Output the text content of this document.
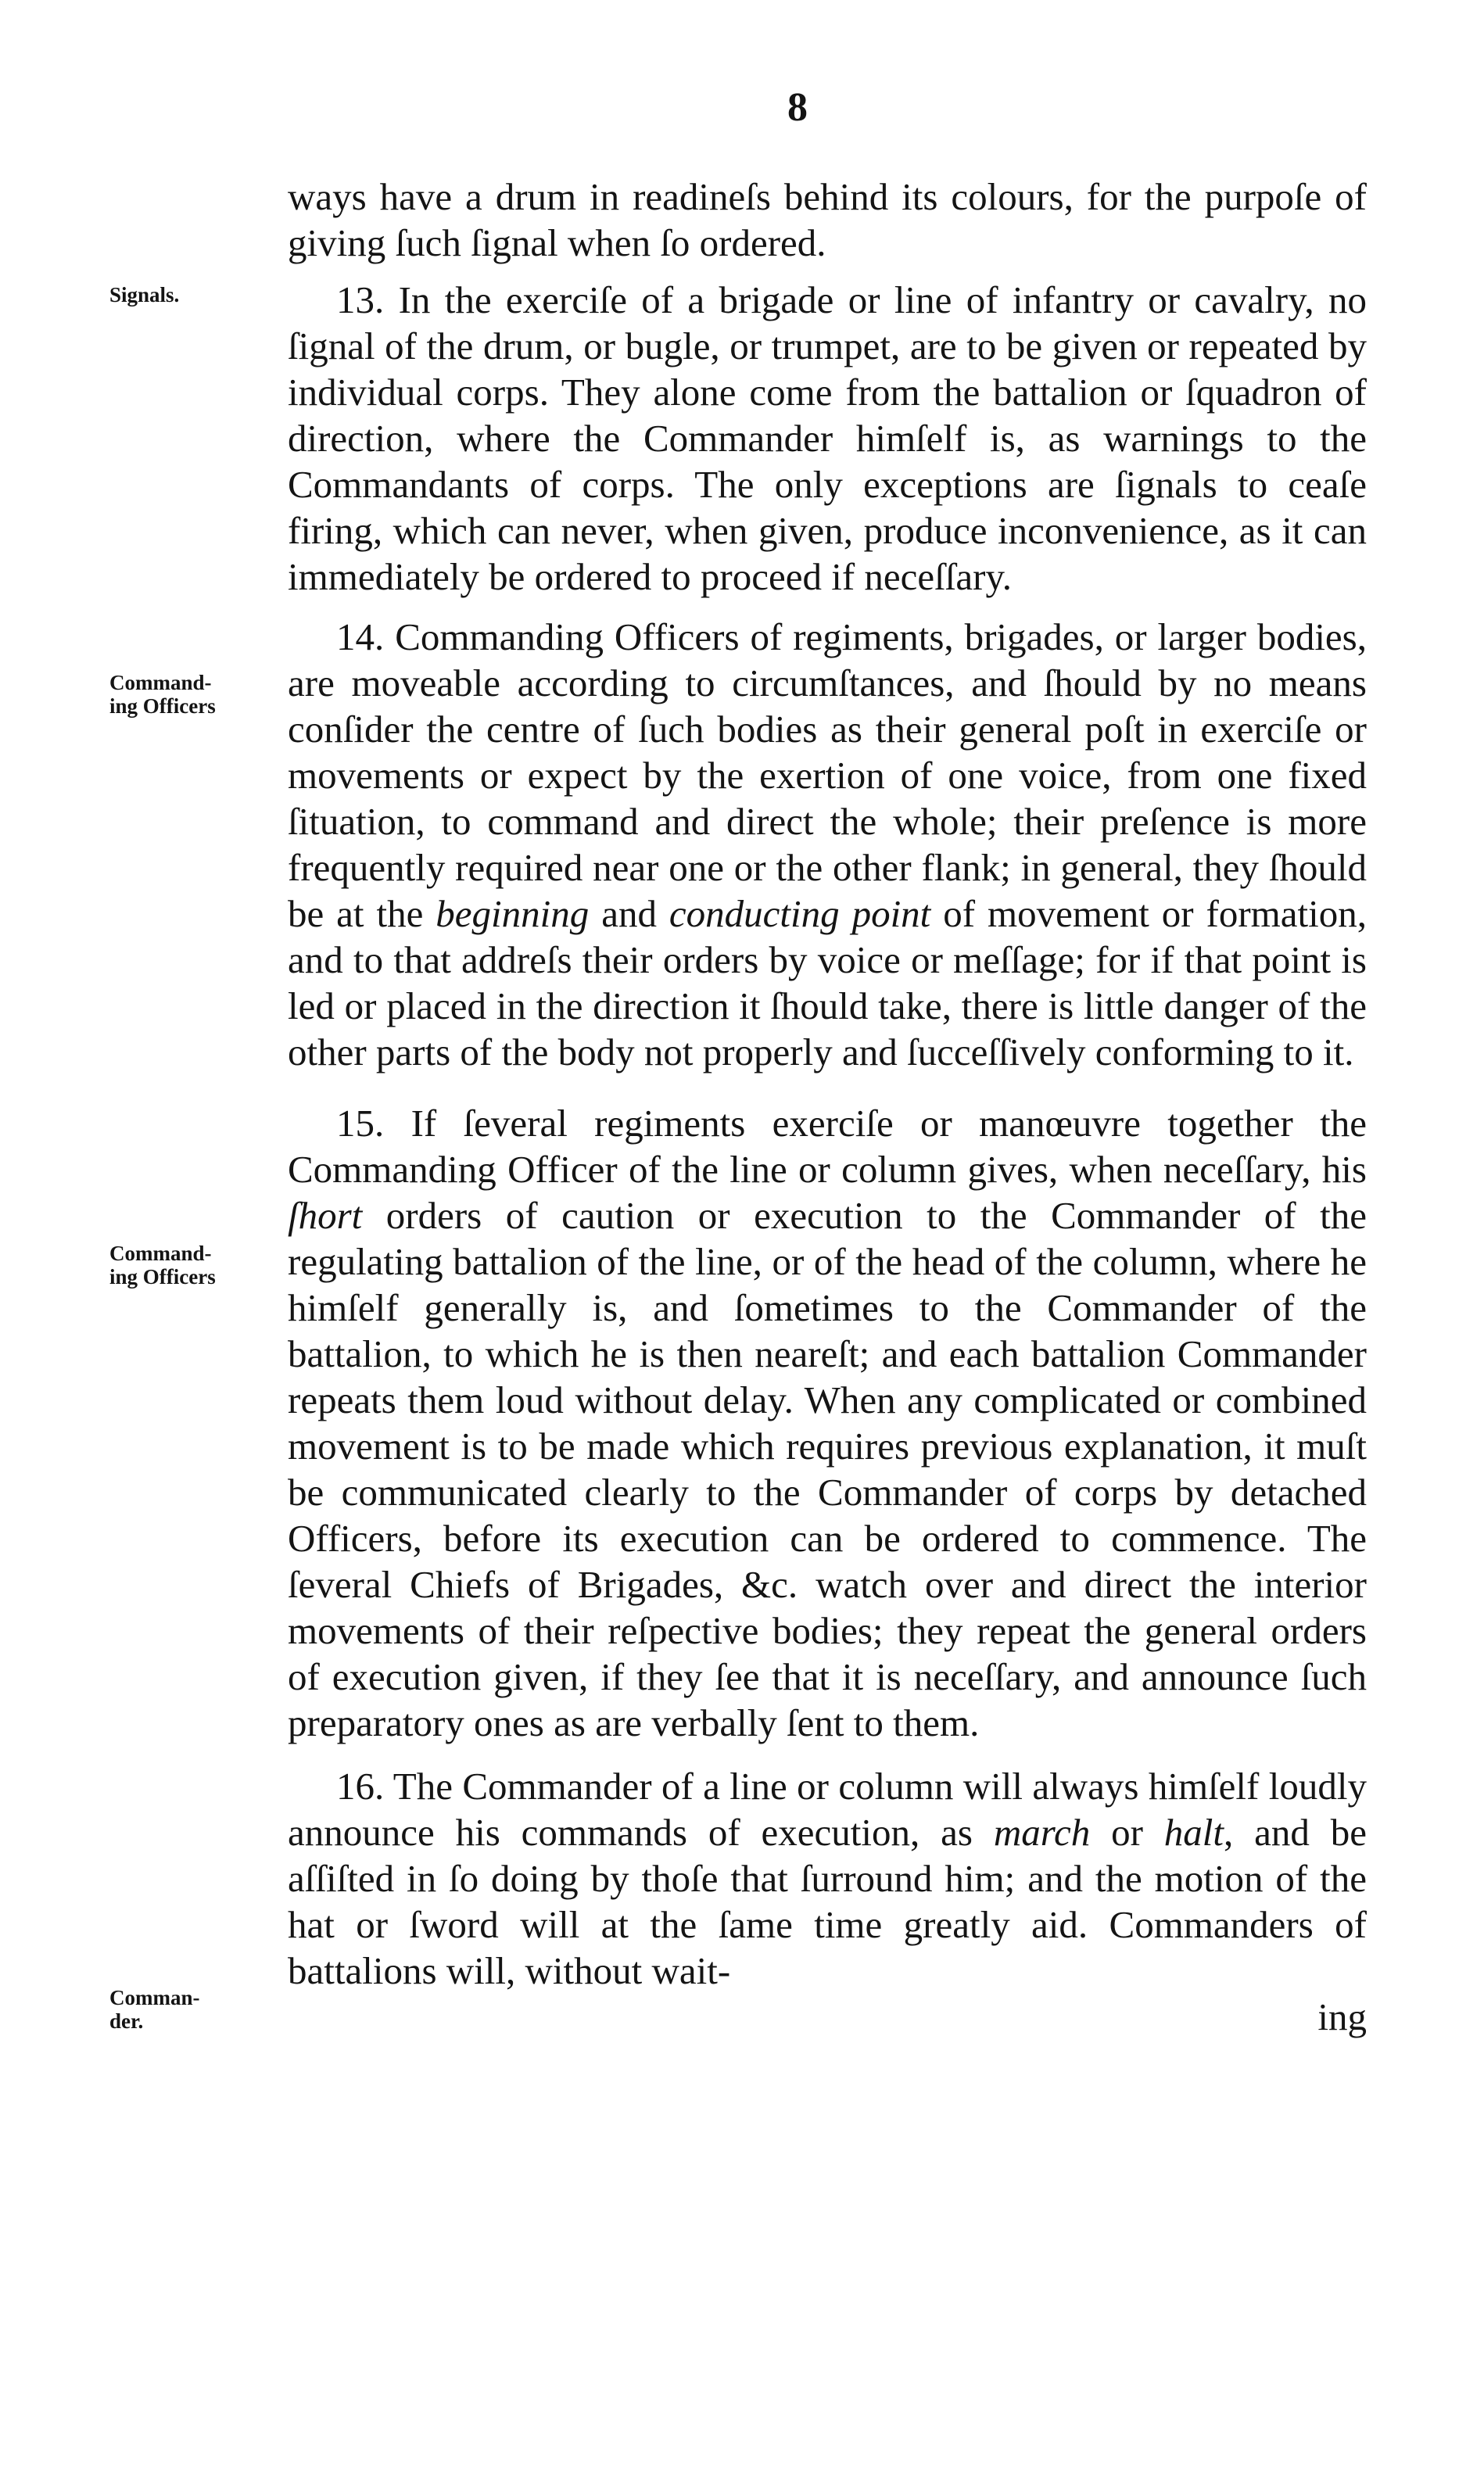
8
Signals.
Command-
ing Officers
Command-
ing Officers
Comman-
der.

ways have a drum in readineſs behind its colours, for the purpoſe of giving ſuch ſignal when ſo ordered.

13. In the exerciſe of a brigade or line of infantry or cavalry, no ſignal of the drum, or bugle, or trumpet, are to be given or repeated by individual corps. They alone come from the battalion or ſquadron of direction, where the Commander himſelf is, as warnings to the Commandants of corps. The only exceptions are ſignals to ceaſe firing, which can never, when given, produce inconvenience, as it can immediately be ordered to proceed if neceſſary.

14. Commanding Officers of regiments, brigades, or larger bodies, are moveable according to circumſtances, and ſhould by no means conſider the centre of ſuch bodies as their general poſt in exerciſe or movements or expect by the exertion of one voice, from one fixed ſituation, to command and direct the whole; their preſence is more frequently required near one or the other flank; in general, they ſhould be at the beginning and conducting point of movement or formation, and to that addreſs their orders by voice or meſſage; for if that point is led or placed in the direction it ſhould take, there is little danger of the other parts of the body not properly and ſucceſſively conforming to it.

15. If ſeveral regiments exerciſe or manœuvre together the Commanding Officer of the line or column gives, when neceſſary, his ſhort orders of caution or execution to the Commander of the regulating battalion of the line, or of the head of the column, where he himſelf generally is, and ſometimes to the Commander of the battalion, to which he is then neareſt; and each battalion Commander repeats them loud without delay. When any complicated or combined movement is to be made which requires previous explanation, it muſt be communicated clearly to the Commander of corps by detached Officers, before its execution can be ordered to commence. The ſeveral Chiefs of Brigades, &c. watch over and direct the interior movements of their reſpective bodies; they repeat the general orders of execution given, if they ſee that it is neceſſary, and announce ſuch preparatory ones as are verbally ſent to them.

16. The Commander of a line or column will always himſelf loudly announce his commands of execution, as march or halt, and be aſſiſted in ſo doing by thoſe that ſurround him; and the motion of the hat or ſword will at the ſame time greatly aid. Commanders of battalions will, without wait-

ing
